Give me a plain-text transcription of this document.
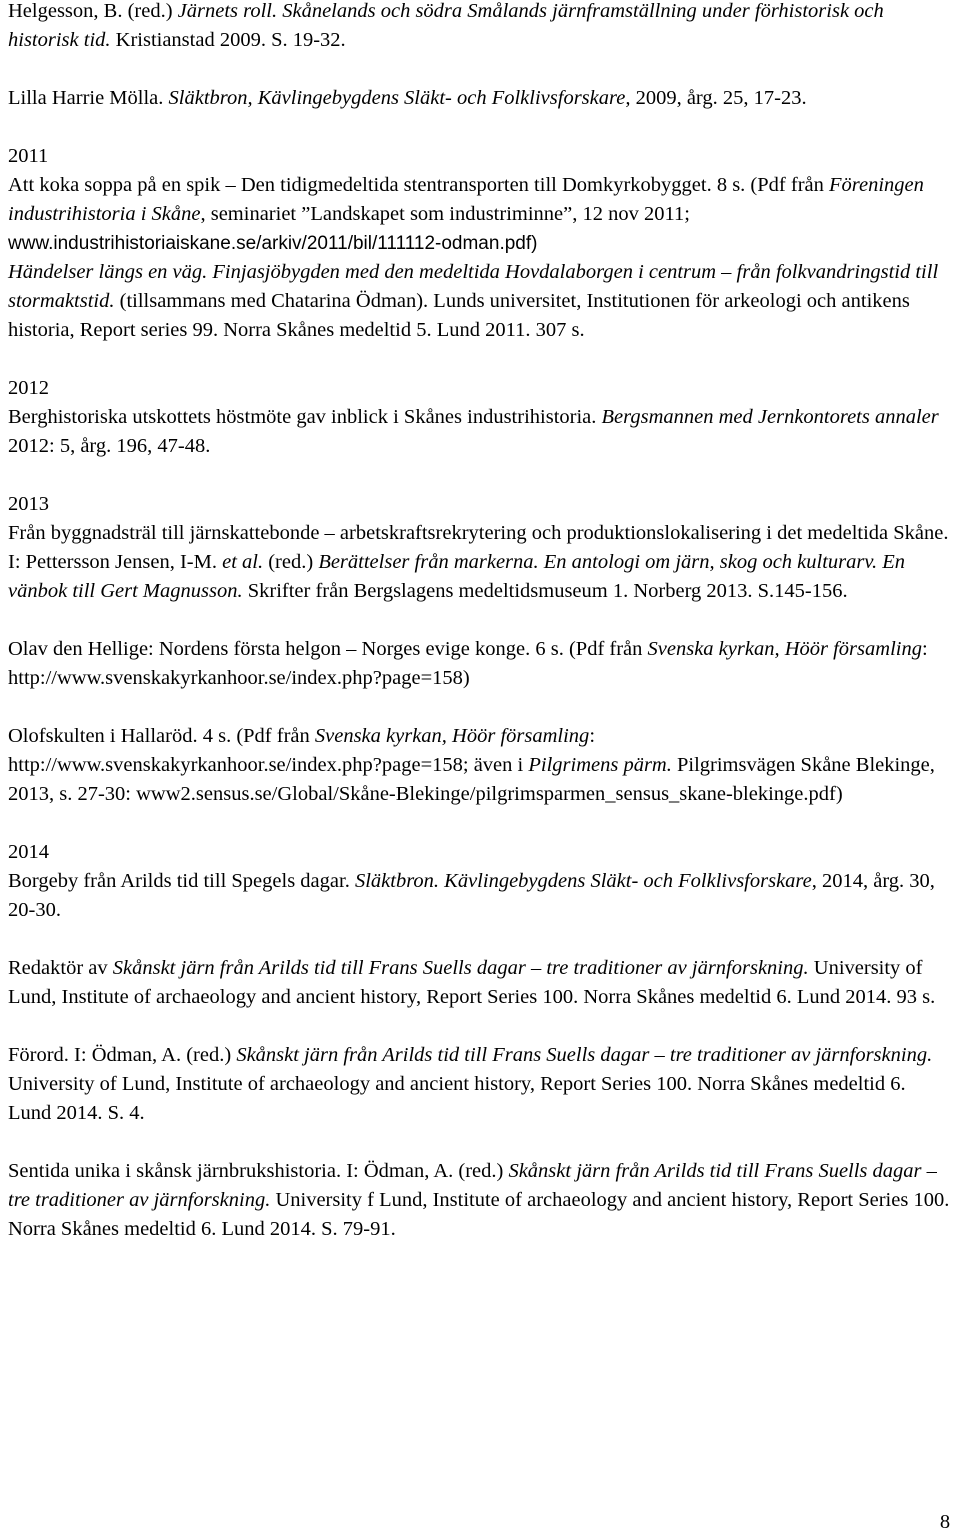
Helgesson, B. (red.) Järnets roll. Skånelands och södra Smålands järnframställning under förhistorisk och historisk tid. Kristianstad 2009. S. 19-32.

Lilla Harrie Mölla. Släktbron, Kävlingebygdens Släkt- och Folklivsforskare, 2009, årg. 25, 17-23.

2011

Att koka soppa på en spik – Den tidigmedeltida stentransporten till Domkyrkobygget. 8 s. (Pdf från Föreningen industrihistoria i Skåne, seminariet ”Landskapet som industriminne”, 12 nov 2011; www.industrihistoriaiskane.se/arkiv/2011/bil/111112-odman.pdf)

Händelser längs en väg. Finjasjöbygden med den medeltida Hovdalaborgen i centrum – från folkvandringstid till stormaktstid. (tillsammans med Chatarina Ödman). Lunds universitet, Institutionen för arkeologi och antikens historia, Report series 99. Norra Skånes medeltid 5. Lund 2011. 307 s.

2012

Berghistoriska utskottets höstmöte gav inblick i Skånes industrihistoria. Bergsmannen med Jernkontorets annaler 2012: 5, årg. 196, 47-48.

2013

Från byggnadsträl till järnskattebonde – arbetskraftsrekrytering och produktionslokalisering i det medeltida Skåne. I: Pettersson Jensen, I-M. et al. (red.) Berättelser från markerna. En antologi om järn, skog och kulturarv. En vänbok till Gert Magnusson. Skrifter från Bergslagens medeltidsmuseum 1. Norberg 2013. S.145-156.

Olav den Hellige: Nordens första helgon – Norges evige konge. 6 s. (Pdf från Svenska kyrkan, Höör församling: http://www.svenskakyrkanhoor.se/index.php?page=158)

Olofskulten i Hallaröd. 4 s. (Pdf från Svenska kyrkan, Höör församling: http://www.svenskakyrkanhoor.se/index.php?page=158; även i Pilgrimens pärm. Pilgrimsvägen Skåne Blekinge, 2013, s. 27-30: www2.sensus.se/Global/Skåne-Blekinge/pilgrimsparmen_sensus_skane-blekinge.pdf)

2014

Borgeby från Arilds tid till Spegels dagar. Släktbron. Kävlingebygdens Släkt- och Folklivsforskare, 2014, årg. 30, 20-30.

Redaktör av Skånskt järn från Arilds tid till Frans Suells dagar – tre traditioner av järnforskning. University of Lund, Institute of archaeology and ancient history, Report Series 100. Norra Skånes medeltid 6. Lund 2014. 93 s.

Förord. I: Ödman, A. (red.) Skånskt järn från Arilds tid till Frans Suells dagar – tre traditioner av järnforskning. University of Lund, Institute of archaeology and ancient history, Report Series 100. Norra Skånes medeltid 6. Lund 2014. S. 4.

Sentida unika i skånsk järnbrukshistoria. I: Ödman, A. (red.) Skånskt järn från Arilds tid till Frans Suells dagar – tre traditioner av järnforskning. University f Lund, Institute of archaeology and ancient history, Report Series 100. Norra Skånes medeltid 6. Lund 2014. S. 79-91.

8
